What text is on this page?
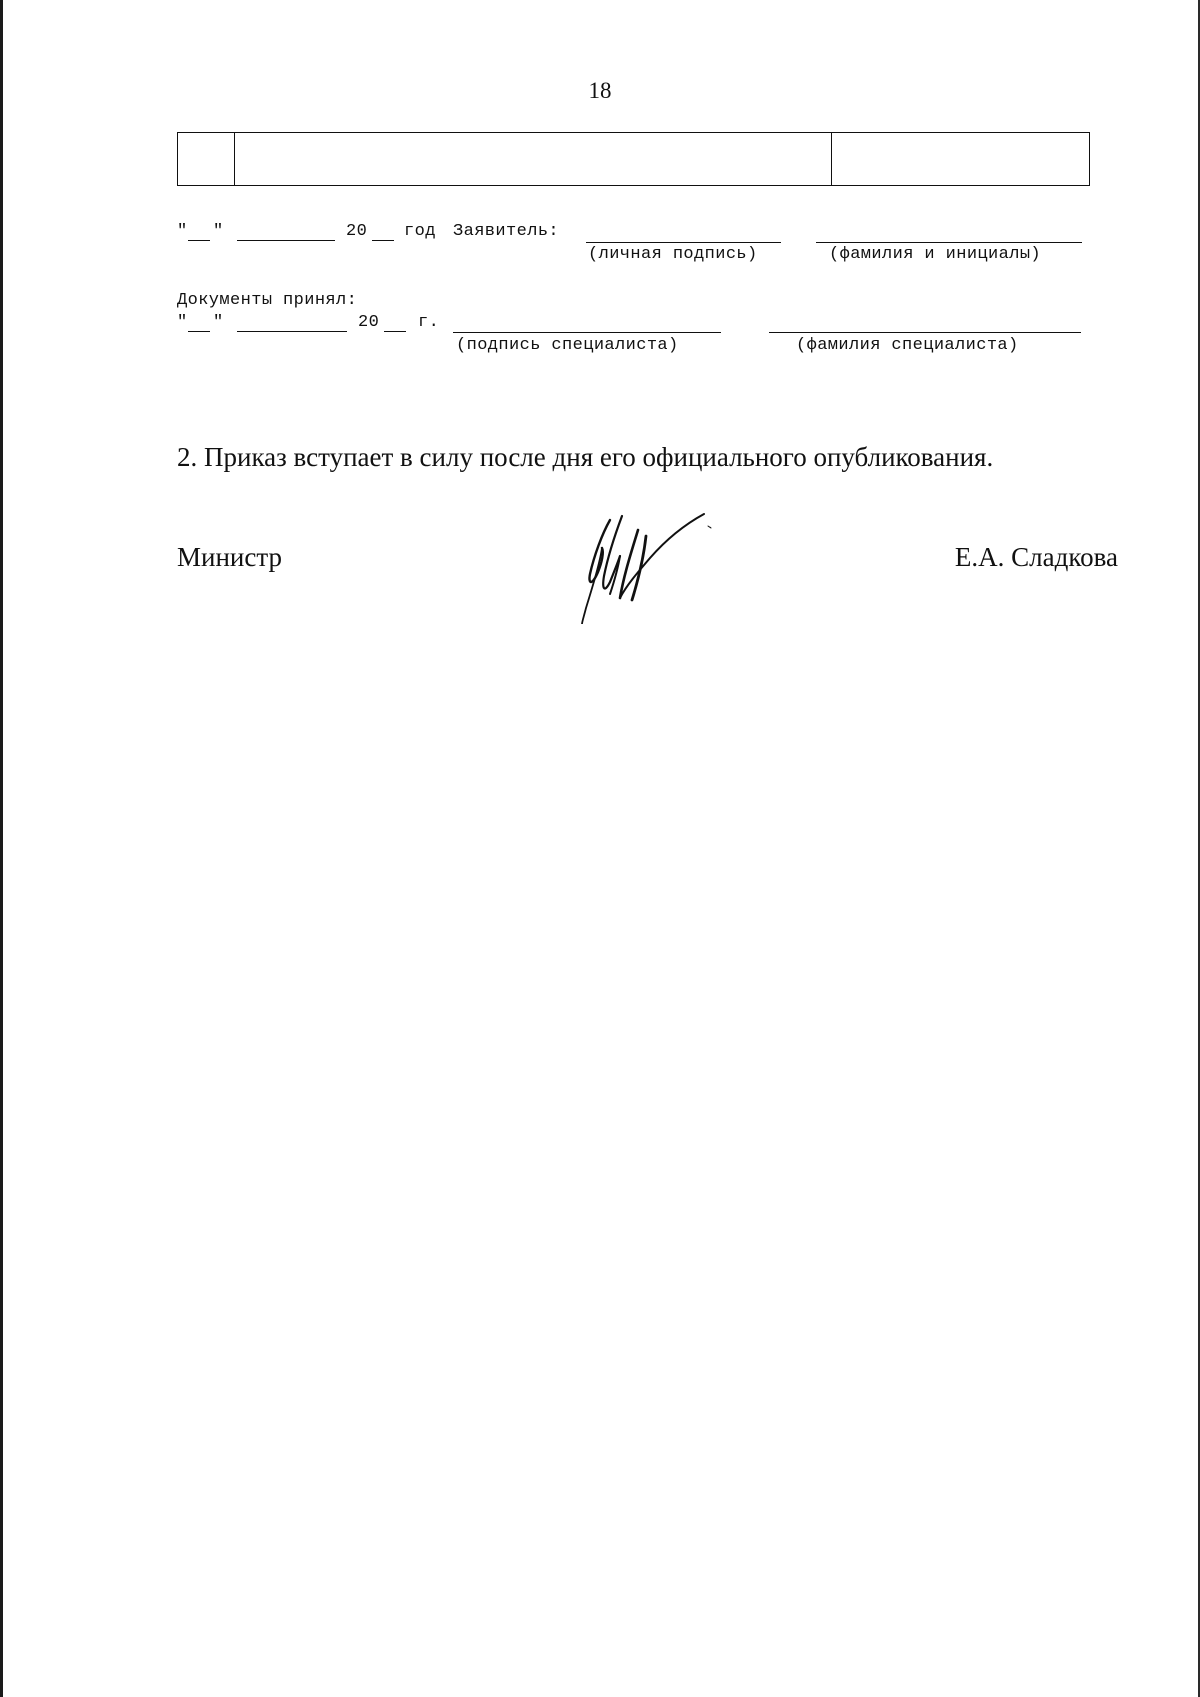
18
" "	20 год Заявитель:
(личная подпись)	(фамилия и инициалы)
Документы принял:
" "	20 г.
(подпись специалиста)	(фамилия специалиста)
2. Приказ вступает в силу после дня его официального опубликования.
Министр	Е.А. Сладкова
